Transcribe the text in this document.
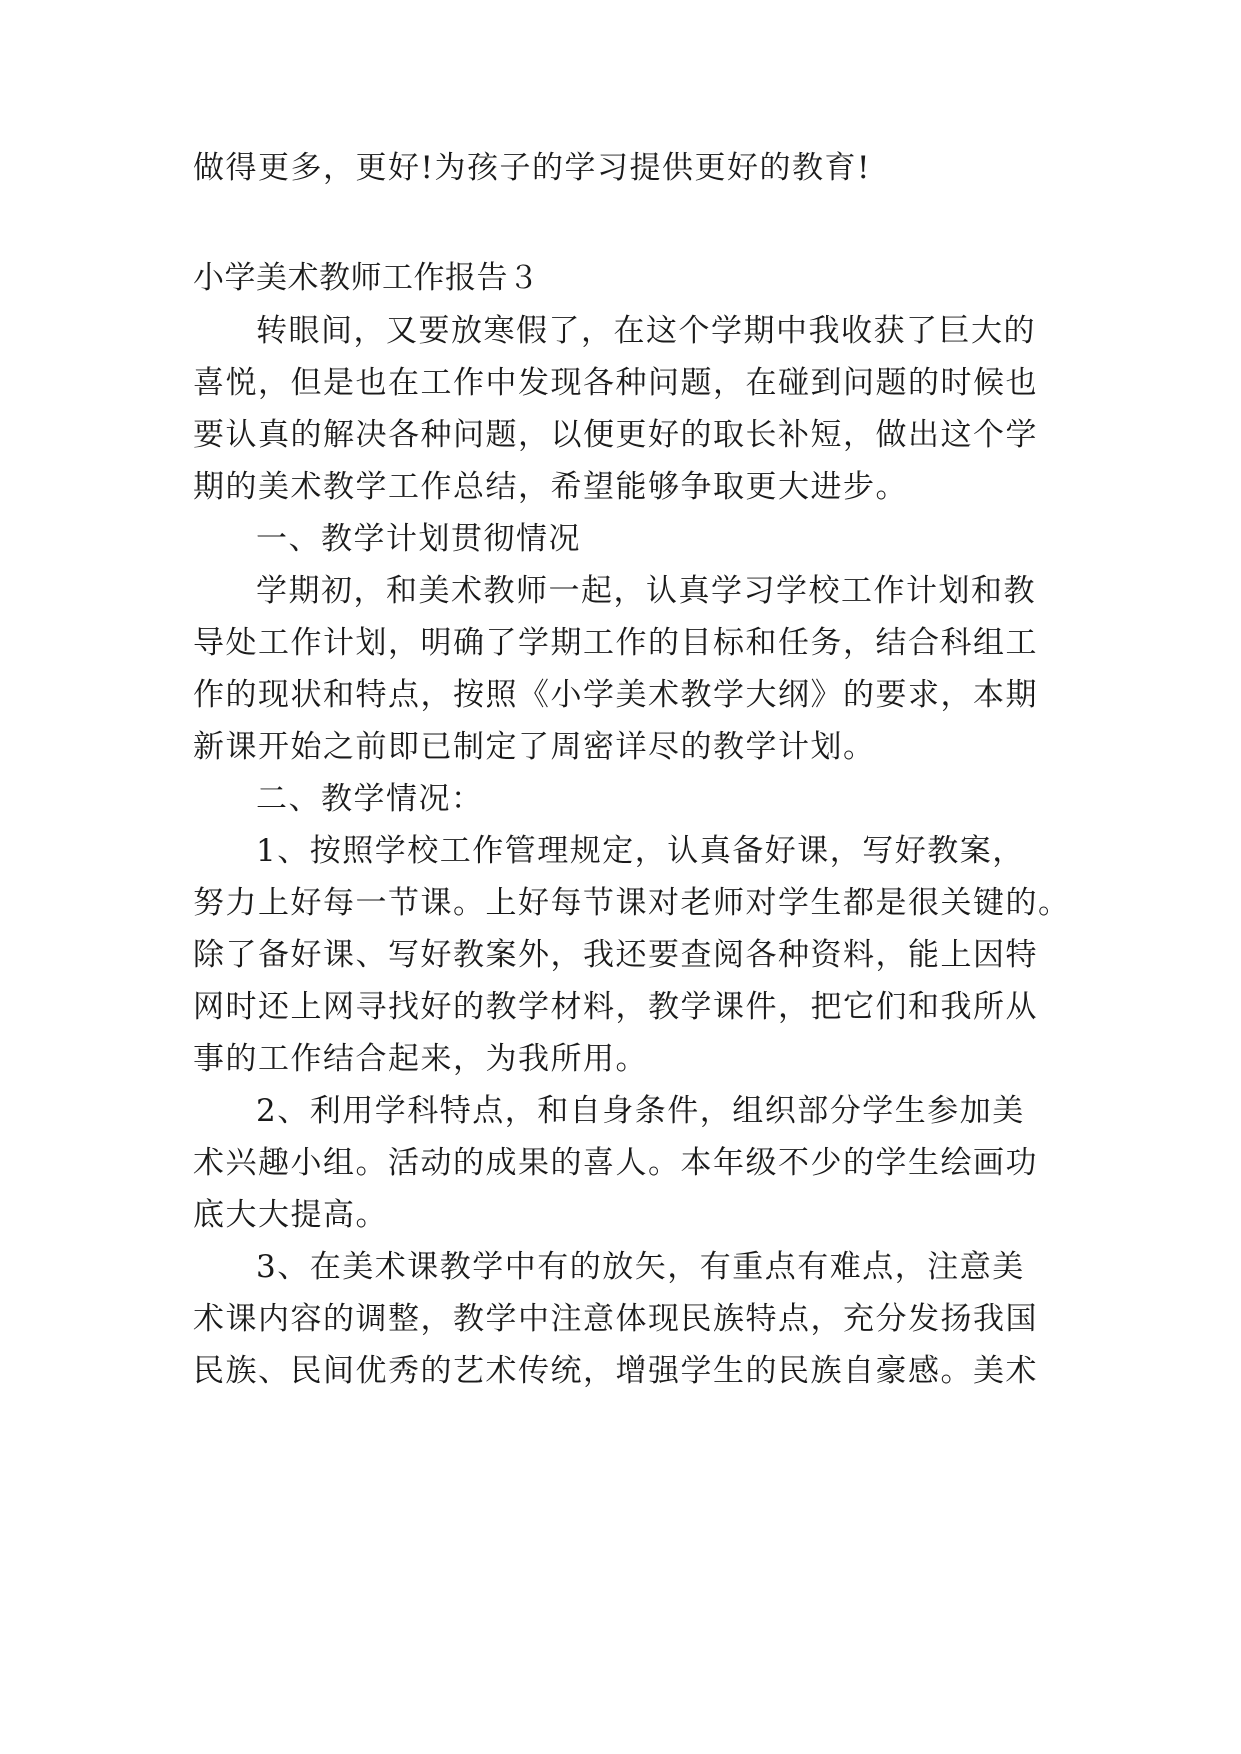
做得更多，更好!为孩子的学习提供更好的教育!
小学美术教师工作报告３
转眼间，又要放寒假了，在这个学期中我收获了巨大的
喜悦，但是也在工作中发现各种问题，在碰到问题的时候也
要认真的解决各种问题，以便更好的取长补短，做出这个学
期的美术教学工作总结，希望能够争取更大进步。
一、教学计划贯彻情况
学期初，和美术教师一起，认真学习学校工作计划和教
导处工作计划，明确了学期工作的目标和任务，结合科组工
作的现状和特点，按照《小学美术教学大纲》的要求，本期
新课开始之前即已制定了周密详尽的教学计划。
二、教学情况：
1、按照学校工作管理规定，认真备好课，写好教案，
努力上好每一节课。上好每节课对老师对学生都是很关键的。
除了备好课、写好教案外，我还要查阅各种资料，能上因特
网时还上网寻找好的教学材料，教学课件，把它们和我所从
事的工作结合起来，为我所用。
2、利用学科特点，和自身条件，组织部分学生参加美
术兴趣小组。活动的成果的喜人。本年级不少的学生绘画功
底大大提高。
3、在美术课教学中有的放矢，有重点有难点，注意美
术课内容的调整，教学中注意体现民族特点，充分发扬我国
民族、民间优秀的艺术传统，增强学生的民族自豪感。美术
